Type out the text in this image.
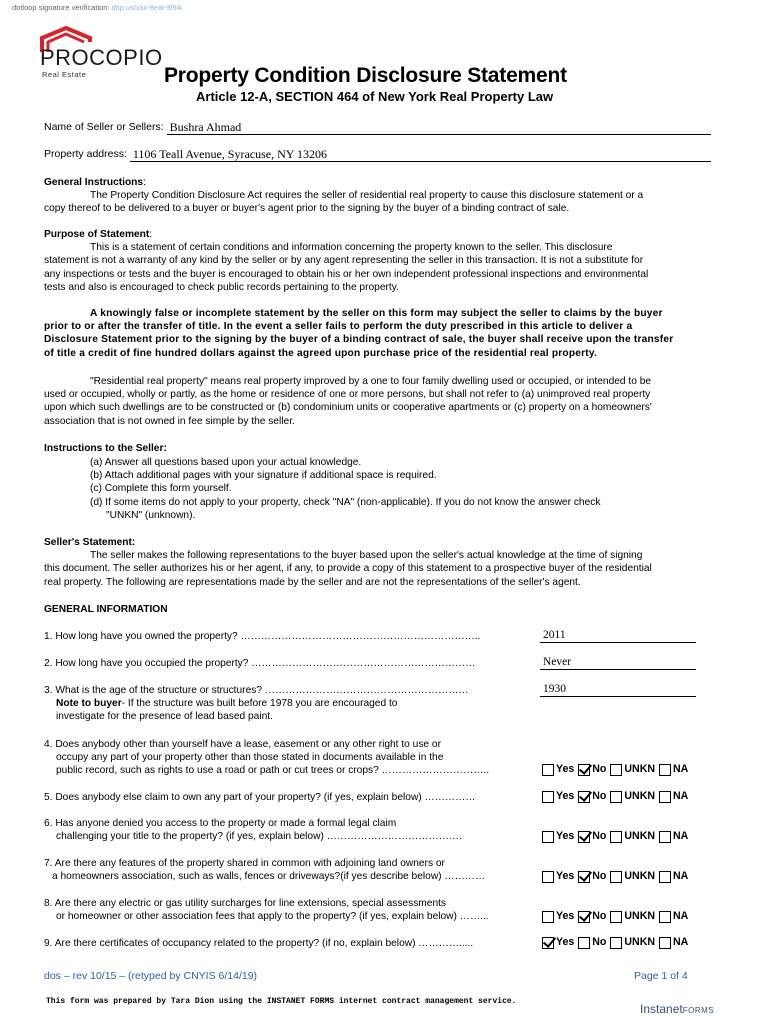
dotloop signature verification: dtlp.us/xxx-8eal-9I9A
PROCOPIO
Real Estate	Property Condition Disclosure Statement
Article 12-A, SECTION 464 of New York Real Property Law
Name of Seller or Sellers: Bushra Ahmad
Property address: 1106 Teall Avenue, Syracuse, NY 13206
General Instructions:
The Property Condition Disclosure Act requires the seller of residential real property to cause this disclosure statement or a
copy thereof to be delivered to a buyer or buyer's agent prior to the signing by the buyer of a binding contract of sale.
Purpose of Statement:
This is a statement of certain conditions and information concerning the property known to the seller. This disclosure
statement is not a warranty of any kind by the seller or by any agent representing the seller in this transaction. It is not a substitute for
any inspections or tests and the buyer is encouraged to obtain his or her own independent professional inspections and environmental
tests and also is encouraged to check public records pertaining to the property.
A knowingly false or incomplete statement by the seller on this form may subject the seller to claims by the buyer
prior to or after the transfer of title. In the event a seller fails to perform the duty prescribed in this article to deliver a
Disclosure Statement prior to the signing by the buyer of a binding contract of sale, the buyer shall receive upon the transfer
of title a credit of fine hundred dollars against the agreed upon purchase price of the residential real property.
"Residential real property" means real property improved by a one to four family dwelling used or occupied, or intended to be
used or occupied, wholly or partly, as the home or residence of one or more persons, but shall not refer to (a) unimproved real property
upon which such dwellings are to be constructed or (b) condominium units or cooperative apartments or (c) property on a homeowners'
association that is not owned in fee simple by the seller.
Instructions to the Seller:
(a) Answer all questions based upon your actual knowledge.
(b) Attach additional pages with your signature if additional space is required.
(c) Complete this form yourself.
(d) If some items do not apply to your property, check "NA" (non-applicable). If you do not know the answer check
"UNKN" (unknown).
Seller's Statement:
The seller makes the following representations to the buyer based upon the seller's actual knowledge at the time of signing
this document. The seller authorizes his or her agent, if any, to provide a copy of this statement to a prospective buyer of the residential
real property. The following are representations made by the seller and are not the representations of the seller's agent.
GENERAL INFORMATION
1. How long have you owned the property? ……………………………………………………………..	2011
2. How long have you occupied the property? …………………………………………………………	Never
3. What is the age of the structure or structures? ……………………………………………………
Note to buyer- If the structure was built before 1978 you are encouraged to
investigate for the presence of lead based paint.
1930
4. Does anybody other than yourself have a lease, easement or any other right to use or
occupy any part of your property other than those stated in documents available in the
public record, such as rights to use a road or path or cut trees or crops? …………………………..	Yes No UNKN NA
5. Does anybody else claim to own any part of your property? (if yes, explain below) ……………	Yes No UNKN NA
6. Has anyone denied you access to the property or made a formal legal claim
challenging your title to the property? (if yes, explain below) ………………………………….	Yes No UNKN NA
7. Are there any features of the property shared in common with adjoining land owners or
a homeowners association, such as walls, fences or driveways?(if yes describe below) …………	Yes No UNKN NA
8. Are there any electric or gas utility surcharges for line extensions, special assessments
or homeowner or other association fees that apply to the property? (if yes, explain below) ……...	Yes No UNKN NA
9. Are there certificates of occupancy related to the property? (if no, explain below) ………….....	Yes No UNKN NA
dos – rev 10/15 – (retyped by CNYIS 6/14/19)	Page 1 of 4
This form was prepared by Tara Dion using the INSTANET FORMS internet contract management service.
InstanetFORMS
